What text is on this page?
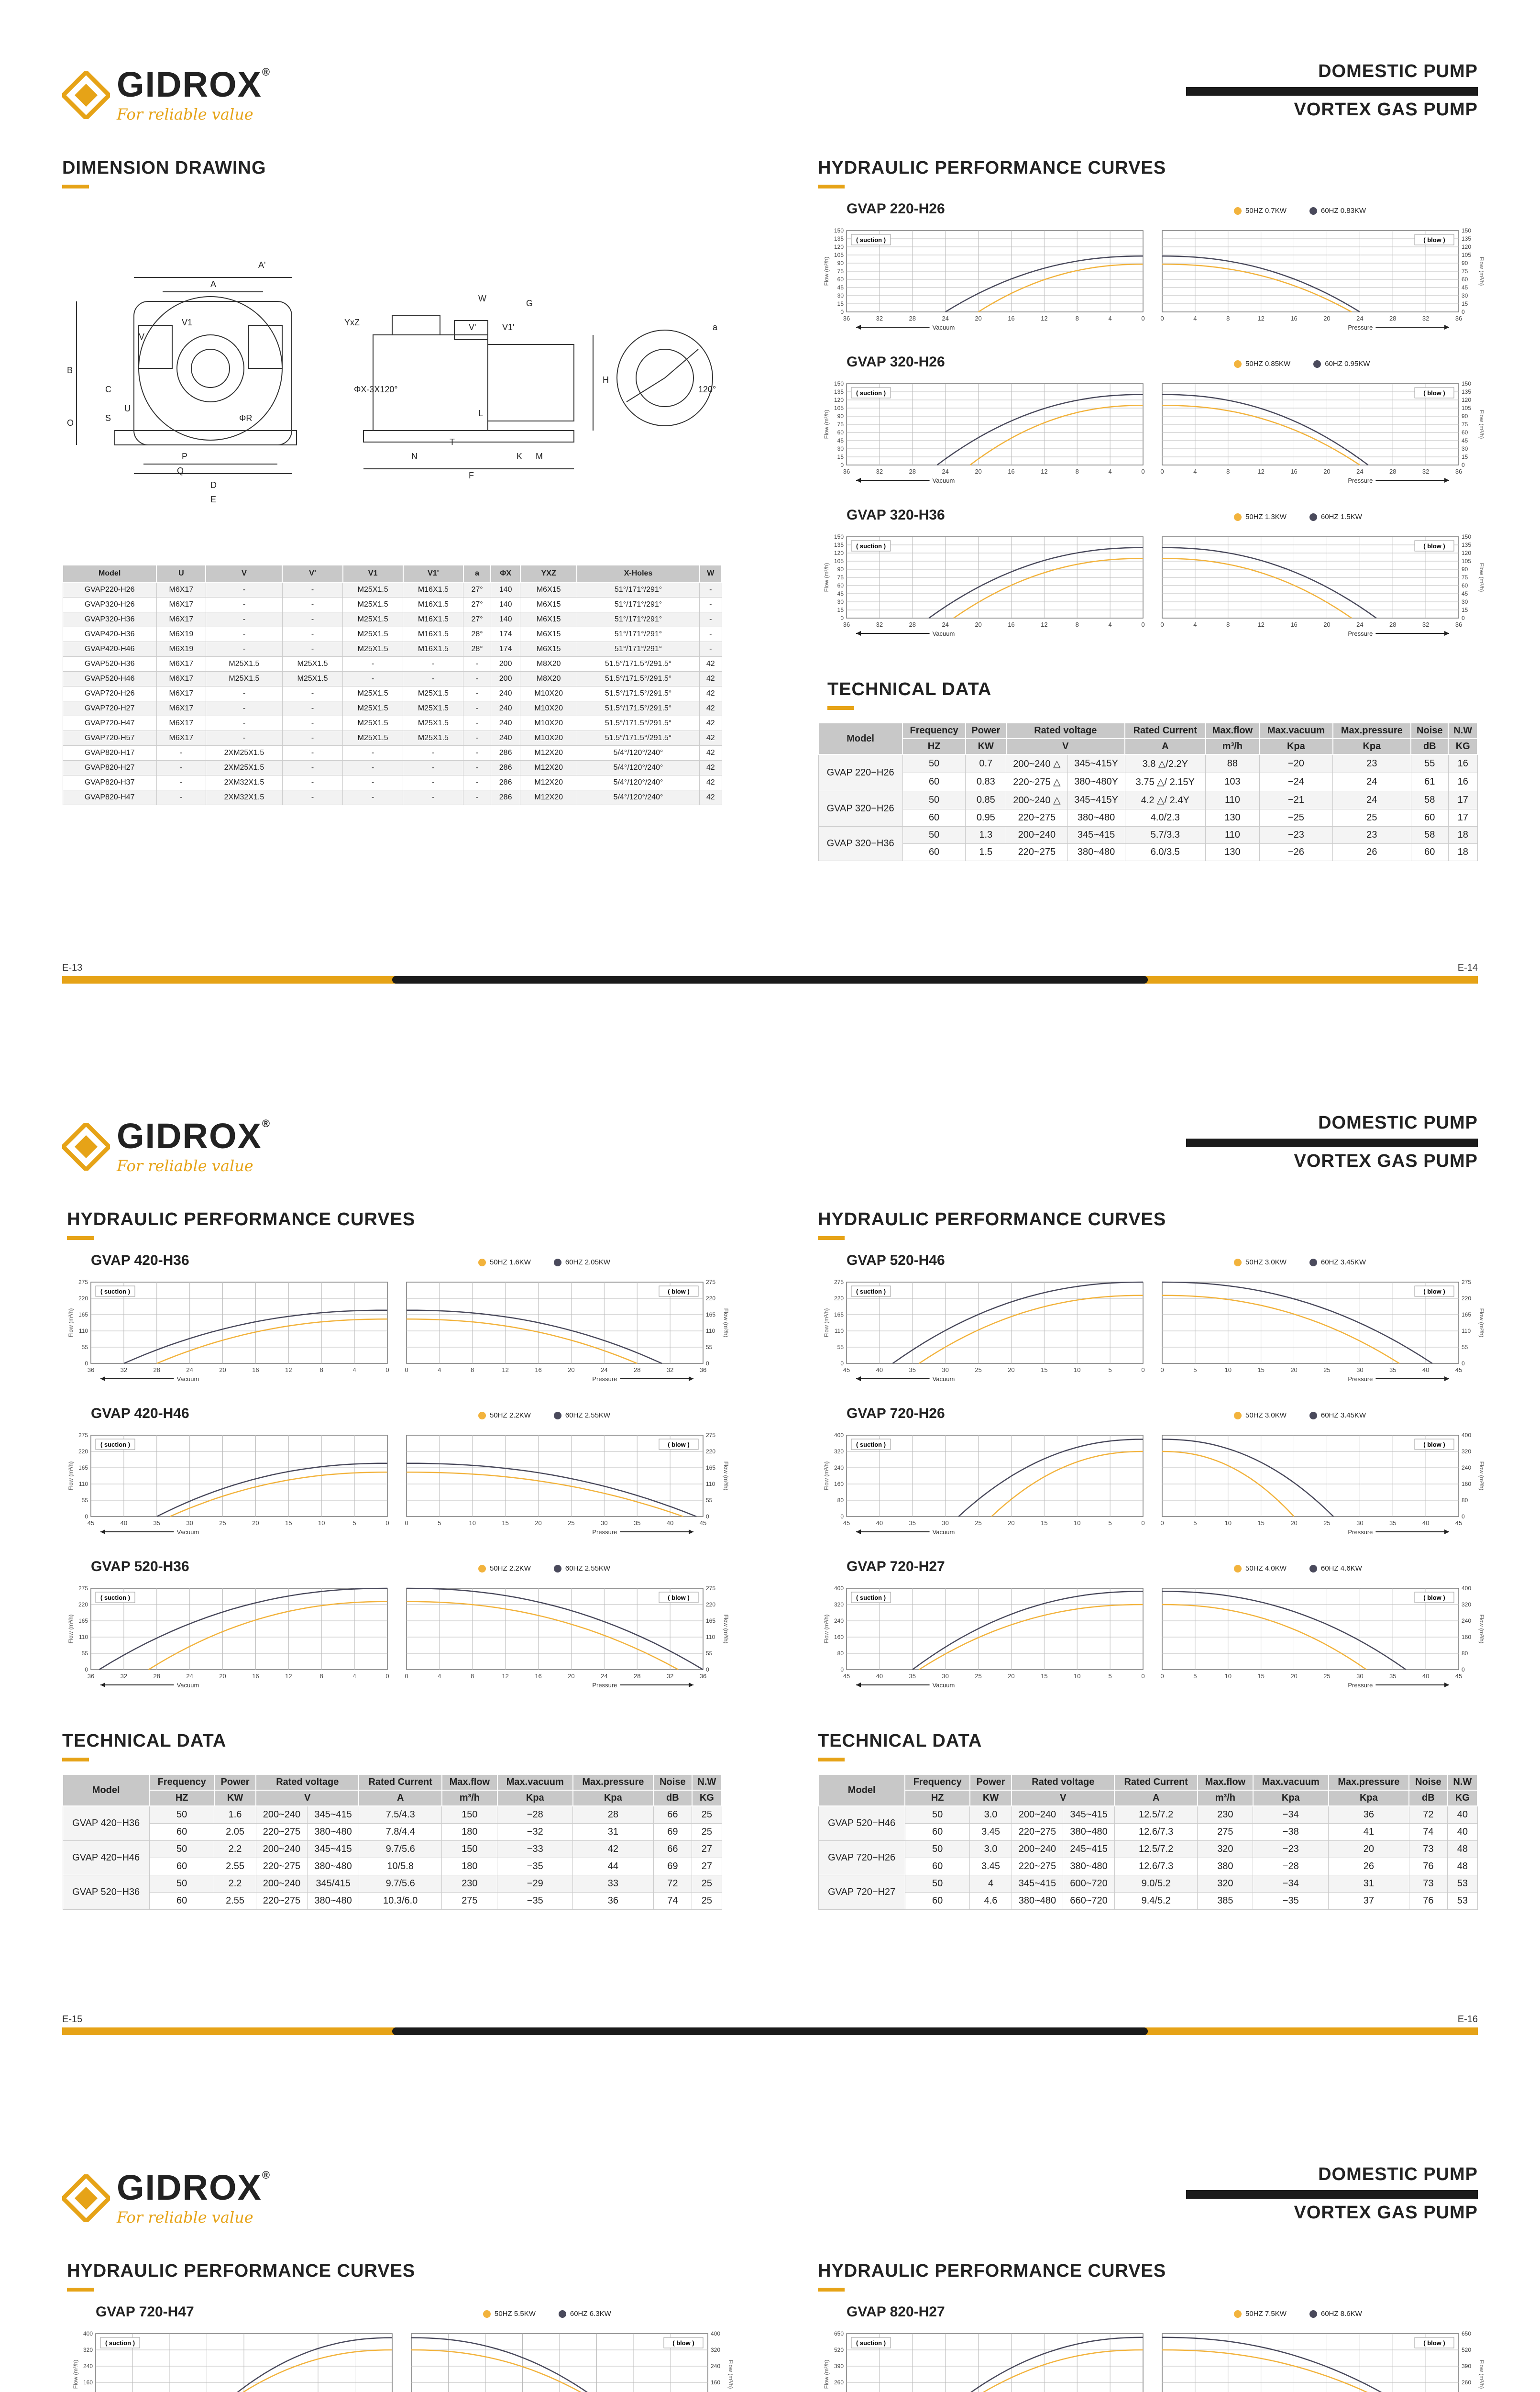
GIDROX®
For reliable value
DOMESTIC PUMP
VORTEX GAS PUMP
E-13	E-14
DIMENSION DRAWING
A'
A
B
C
D
E
F
G
H
K
L
M
N
O
P
Q
S
T
U
V
V'
V1	V1'
W
YxZ
ΦR
ΦX-3X120°	120°
a
Model	U	V	V'	V1	V1'	a	ΦX	YXZ	X-Holes	W
GVAP220-H26	M6X17	-	-	M25X1.5	M16X1.5	27°	140	M6X15	51°/171°/291°	-
GVAP320-H26	M6X17	-	-	M25X1.5	M16X1.5	27°	140	M6X15	51°/171°/291°	-
GVAP320-H36	M6X17	-	-	M25X1.5	M16X1.5	27°	140	M6X15	51°/171°/291°	-
GVAP420-H36	M6X19	-	-	M25X1.5	M16X1.5	28°	174	M6X15	51°/171°/291°	-
GVAP420-H46	M6X19	-	-	M25X1.5	M16X1.5	28°	174	M6X15	51°/171°/291°	-
GVAP520-H36	M6X17	M25X1.5	M25X1.5	-	-	-	200	M8X20	51.5°/171.5°/291.5°	42
GVAP520-H46	M6X17	M25X1.5	M25X1.5	-	-	-	200	M8X20	51.5°/171.5°/291.5°	42
GVAP720-H26	M6X17	-	-	M25X1.5	M25X1.5	-	240	M10X20	51.5°/171.5°/291.5°	42
GVAP720-H27	M6X17	-	-	M25X1.5	M25X1.5	-	240	M10X20	51.5°/171.5°/291.5°	42
GVAP720-H47	M6X17	-	-	M25X1.5	M25X1.5	-	240	M10X20	51.5°/171.5°/291.5°	42
GVAP720-H57	M6X17	-	-	M25X1.5	M25X1.5	-	240	M10X20	51.5°/171.5°/291.5°	42
GVAP820-H17	-	2XM25X1.5	-	-	-	-	286	M12X20	5/4°/120°/240°	42
GVAP820-H27	-	2XM25X1.5	-	-	-	-	286	M12X20	5/4°/120°/240°	42
GVAP820-H37	-	2XM32X1.5	-	-	-	-	286	M12X20	5/4°/120°/240°	42
GVAP820-H47	-	2XM32X1.5	-	-	-	-	286	M12X20	5/4°/120°/240°	42
HYDRAULIC PERFORMANCE CURVES
GVAP 220-H26	50HZ 0.7KW	60HZ 0.83KW
Flow (m³/h)	Flow (m³/h)
36	32	28	24	20	16	12	8	4	0
0
15
30
45
60
75
90
105
120
135
150
( suction )
Vacuum
0	4	8	12	16	20	24	28	32	36
0
15
30
45
60
75
90
105
120
135
150
( blow )
Pressure
GVAP 320-H26	50HZ 0.85KW	60HZ 0.95KW
Flow (m³/h)	Flow (m³/h)
36	32	28	24	20	16	12	8	4	0
0
15
30
45
60
75
90
105
120
135
150
( suction )
Vacuum
0	4	8	12	16	20	24	28	32	36
0
15
30
45
60
75
90
105
120
135
150
( blow )
Pressure
GVAP 320-H36	50HZ 1.3KW	60HZ 1.5KW
Flow (m³/h)	Flow (m³/h)
36	32	28	24	20	16	12	8	4	0
0
15
30
45
60
75
90
105
120
135
150
( suction )
Vacuum
0	4	8	12	16	20	24	28	32	36
0
15
30
45
60
75
90
105
120
135
150
( blow )
Pressure
TECHNICAL DATA
Model	Frequency	Power	Rated voltage		Rated Current	Max.flow	Max.vacuum	Max.pressure	Noise	N.W
	HZ	KW	V		A	m³/h	Kpa	Kpa	dB	KG
GVAP 220−H26	50	0.7	200~240 △	345~415Y	3.8 △/2.2Y	88	−20	23	55	16
	60	0.83	220~275 △	380~480Y	3.75 △/ 2.15Y	103	−24	24	61	16
GVAP 320−H26	50	0.85	200~240 △	345~415Y	4.2 △/ 2.4Y	110	−21	24	58	17
	60	0.95	220~275	380~480	4.0/2.3	130	−25	25	60	17
GVAP 320−H36	50	1.3	200~240	345~415	5.7/3.3	110	−23	23	58	18
	60	1.5	220~275	380~480	6.0/3.5	130	−26	26	60	18
GIDROX®
For reliable value
DOMESTIC PUMP
VORTEX GAS PUMP
E-15	E-16
HYDRAULIC PERFORMANCE CURVES
GVAP 420-H36	50HZ 1.6KW	60HZ 2.05KW
Flow (m³/h)	Flow (m³/h)
36	32	28	24	20	16	12	8	4	0
0
55
110
165
220
275
( suction )
Vacuum
0	4	8	12	16	20	24	28	32	36
0
55
110
165
220
275
( blow )
Pressure
GVAP 420-H46	50HZ 2.2KW	60HZ 2.55KW
Flow (m³/h)	Flow (m³/h)
45	40	35	30	25	20	15	10	5	0
0
55
110
165
220
275
( suction )
Vacuum
0	5	10	15	20	25	30	35	40	45
0
55
110
165
220
275
( blow )
Pressure
GVAP 520-H36	50HZ 2.2KW	60HZ 2.55KW
Flow (m³/h)	Flow (m³/h)
36	32	28	24	20	16	12	8	4	0
0
55
110
165
220
275
( suction )
Vacuum
0	4	8	12	16	20	24	28	32	36
0
55
110
165
220
275
( blow )
Pressure
HYDRAULIC PERFORMANCE CURVES
GVAP 520-H46	50HZ 3.0KW	60HZ 3.45KW
Flow (m³/h)	Flow (m³/h)
45	40	35	30	25	20	15	10	5	0
0
55
110
165
220
275
( suction )
Vacuum
0	5	10	15	20	25	30	35	40	45
0
55
110
165
220
275
( blow )
Pressure
GVAP 720-H26	50HZ 3.0KW	60HZ 3.45KW
Flow (m³/h)	Flow (m³/h)
45	40	35	30	25	20	15	10	5	0
0
80
160
240
320
400
( suction )
Vacuum
0	5	10	15	20	25	30	35	40	45
0
80
160
240
320
400
( blow )
Pressure
GVAP 720-H27	50HZ 4.0KW	60HZ 4.6KW
Flow (m³/h)	Flow (m³/h)
45	40	35	30	25	20	15	10	5	0
0
80
160
240
320
400
( suction )
Vacuum
0	5	10	15	20	25	30	35	40	45
0
80
160
240
320
400
( blow )
Pressure
TECHNICAL DATA
Model	Frequency	Power	Rated voltage		Rated Current	Max.flow	Max.vacuum	Max.pressure	Noise	N.W
	HZ	KW	V		A	m³/h	Kpa	Kpa	dB	KG
GVAP 420−H36	50	1.6	200~240	345~415	7.5/4.3	150	−28	28	66	25
	60	2.05	220~275	380~480	7.8/4.4	180	−32	31	69	25
GVAP 420−H46	50	2.2	200~240	345~415	9.7/5.6	150	−33	42	66	27
	60	2.55	220~275	380~480	10/5.8	180	−35	44	69	27
GVAP 520−H36	50	2.2	200~240	345/415	9.7/5.6	230	−29	33	72	25
	60	2.55	220~275	380~480	10.3/6.0	275	−35	36	74	25
TECHNICAL DATA
Model	Frequency	Power	Rated voltage		Rated Current	Max.flow	Max.vacuum	Max.pressure	Noise	N.W
	HZ	KW	V		A	m³/h	Kpa	Kpa	dB	KG
GVAP 520−H46	50	3.0	200~240	345~415	12.5/7.2	230	−34	36	72	40
	60	3.45	220~275	380~480	12.6/7.3	275	−38	41	74	40
GVAP 720−H26	50	3.0	200~240	245~415	12.5/7.2	320	−23	20	73	48
	60	3.45	220~275	380~480	12.6/7.3	380	−28	26	76	48
GVAP 720−H27	50	4	345~415	600~720	9.0/5.2	320	−34	31	73	53
	60	4.6	380~480	660~720	9.4/5.2	385	−35	37	76	53
GIDROX®
For reliable value
DOMESTIC PUMP
VORTEX GAS PUMP
HYDRAULIC PERFORMANCE CURVES
GVAP 720-H47	50HZ 5.5KW	60HZ 6.3KW
Flow (m³/h)	Flow (m³/h)
160
240
320
400
( suction )
160
240
320
400
( blow )
HYDRAULIC PERFORMANCE CURVES
GVAP 820-H27	50HZ 7.5KW	60HZ 8.6KW
Flow (m³/h)	Flow (m³/h)
260
390
520
650
( suction )
260
390
520
650
( blow )
